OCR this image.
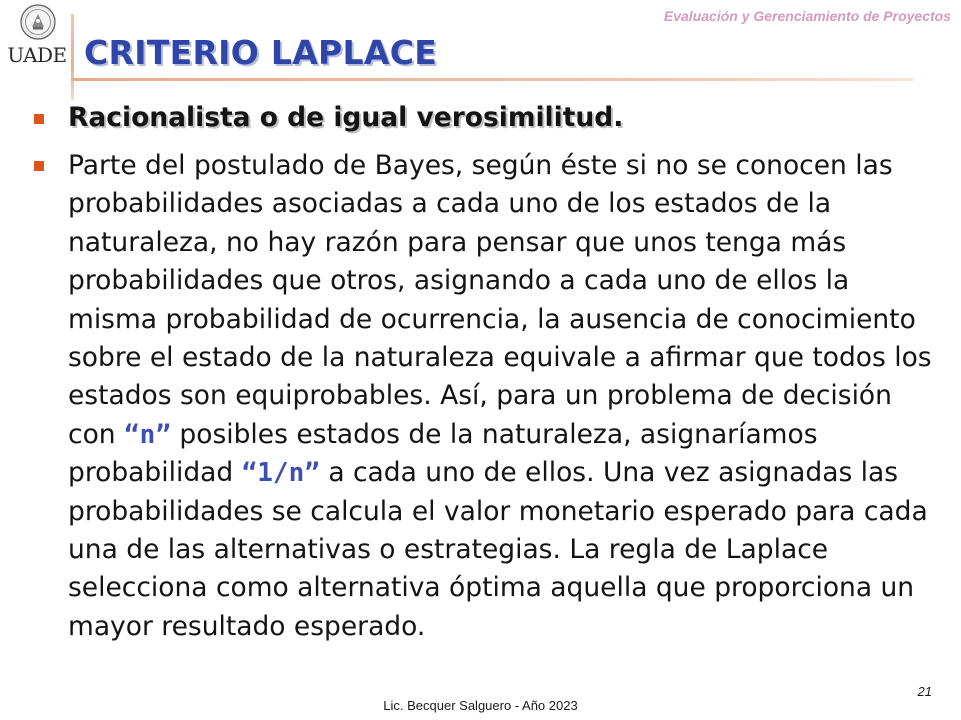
UADE
Evaluación y Gerenciamiento de Proyectos
CRITERIO LAPLACE
Racionalista o de igual verosimilitud.
Parte del postulado de Bayes, según éste si no se conocen las probabilidades asociadas a cada uno de los estados de la naturaleza, no hay razón para pensar que unos tenga más probabilidades que otros, asignando a cada uno de ellos la misma probabilidad de ocurrencia, la ausencia de conocimiento sobre el estado de la naturaleza equivale a afirmar que todos los estados son equiprobables. Así, para un problema de decisión con “n” posibles estados de la naturaleza, asignaríamos probabilidad “1/n” a cada uno de ellos. Una vez asignadas las probabilidades se calcula el valor monetario esperado para cada una de las alternativas o estrategias. La regla de Laplace selecciona como alternativa óptima aquella que proporciona un mayor resultado esperado.
Lic. Becquer Salguero - Año 2023
21
